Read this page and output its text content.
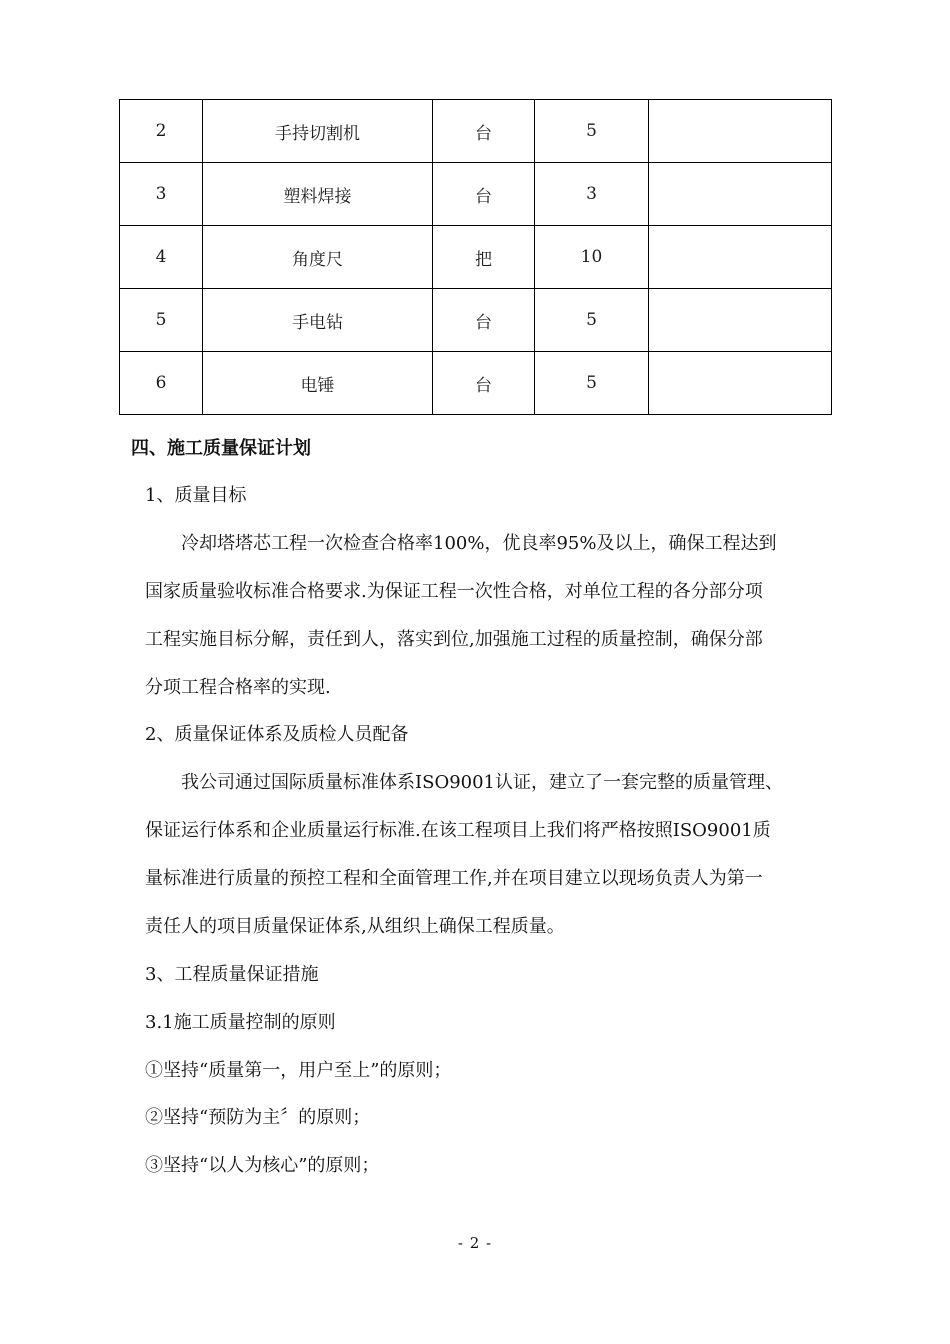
2	手持切割机	台	5	
3	塑料焊接	台	3	
4	角度尺	把	10	
5	手电钻	台	5	
6	电锤	台	5	
四、施工质量保证计划
1、质量目标
冷却塔塔芯工程一次检查合格率100%，优良率95%及以上，确保工程达到
国家质量验收标准合格要求.为保证工程一次性合格，对单位工程的各分部分项
工程实施目标分解，责任到人，落实到位,加强施工过程的质量控制，确保分部
分项工程合格率的实现.
2、质量保证体系及质检人员配备
我公司通过国际质量标准体系ISO9001认证，建立了一套完整的质量管理、
保证运行体系和企业质量运行标准.在该工程项目上我们将严格按照ISO9001质
量标准进行质量的预控工程和全面管理工作,并在项目建立以现场负责人为第一
责任人的项目质量保证体系,从组织上确保工程质量。
3、工程质量保证措施
3.1施工质量控制的原则
①坚持“质量第一，用户至上”的原则；
②坚持“预防为主〞的原则；
③坚持“以人为核心”的原则；
- 2 -
